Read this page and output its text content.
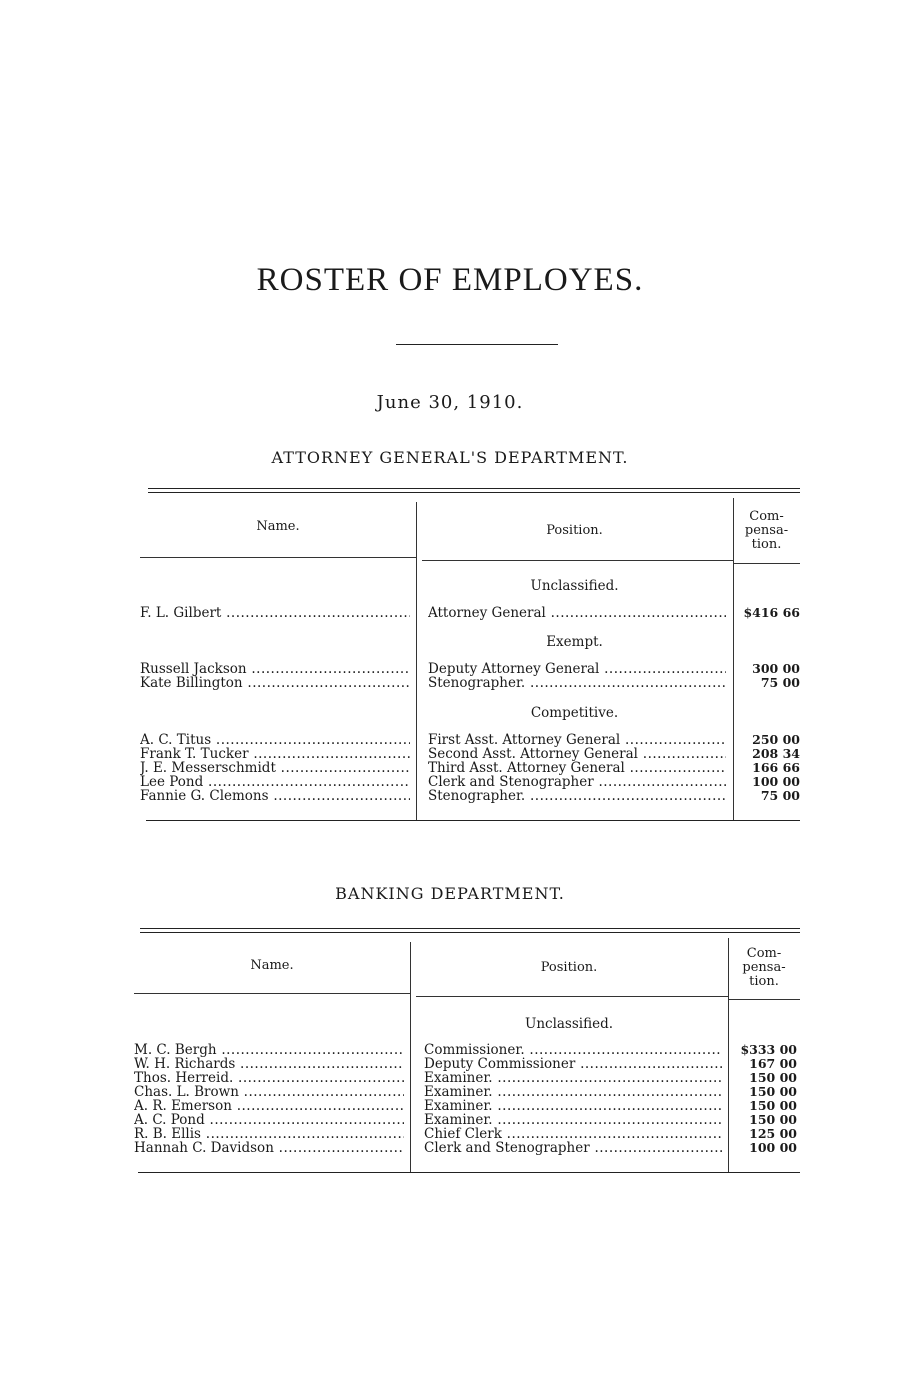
ROSTER OF EMPLOYES.
June 30, 1910.
ATTORNEY GENERAL'S DEPARTMENT.
Name.	Position.
Com-
pensa-
tion.
Unclassified.
F. L. Gilbert .....	Attorney General .....	$416 66
Exempt.
Russell Jackson .....	Deputy Attorney General .....	300 00
Kate Billington .....	Stenographer. .....	75 00
Competitive.
A. C. Titus .....	First Asst. Attorney General .....	250 00
Frank T. Tucker .....	Second Asst. Attorney General .....	208 34
J. E. Messerschmidt .....	Third Asst. Attorney General .....	166 66
Lee Pond .....	Clerk and Stenographer .....	100 00
Fannie G. Clemons .....	Stenographer. .....	75 00
BANKING DEPARTMENT.
Name.	Position.
Com-
pensa-
tion.
Unclassified.
M. C. Bergh .....	Commissioner. .....	$333 00
W. H. Richards .....	Deputy Commissioner .....	167 00
Thos. Herreid. .....	Examiner. .....	150 00
Chas. L. Brown .....	Examiner. .....	150 00
A. R. Emerson .....	Examiner. .....	150 00
A. C. Pond .....	Examiner. .....	150 00
R. B. Ellis .....	Chief Clerk .....	125 00
Hannah C. Davidson .....	Clerk and Stenographer .....	100 00
